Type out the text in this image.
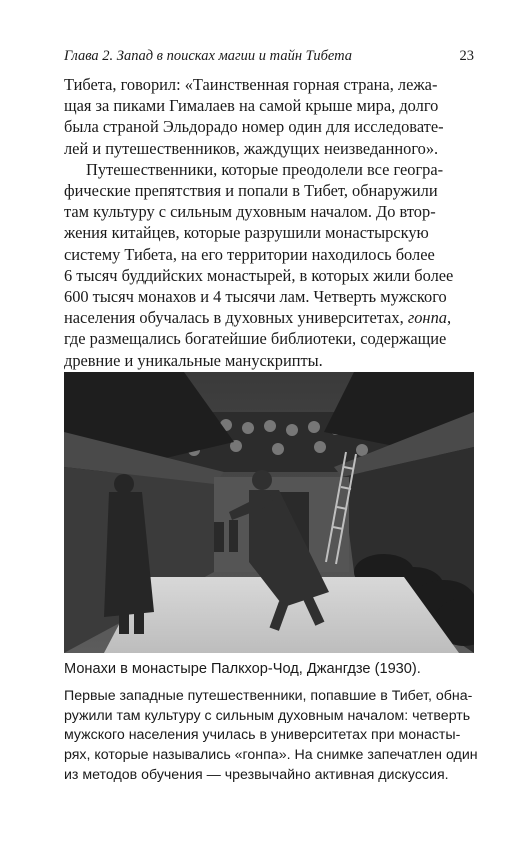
Глава 2. Запад в поисках магии и тайн Тибета	23
Тибета, говорил: «Таинственная горная страна, лежа-
щая за пиками Гималаев на самой крыше мира, долго
была страной Эльдорадо номер один для исследовате-
лей и путешественников, жаждущих неизведанного».
Путешественники, которые преодолели все геогра-
фические препятствия и попали в Тибет, обнаружили
там культуру с сильным духовным началом. До втор-
жения китайцев, которые разрушили монастырскую
систему Тибета, на его территории находилось более
6 тысяч буддийских монастырей, в которых жили более
600 тысяч монахов и 4 тысячи лам. Четверть мужского
населения обучалась в духовных университетах, гонпа,
где размещались богатейшие библиотеки, содержащие
древние и уникальные манускрипты.
Монахи в монастыре Палкхор-Чод, Джангдзе (1930).
Первые западные путешественники, попавшие в Тибет, обна-
ружили там культуру с сильным духовным началом: четверть
мужского населения училась в университетах при монасты-
рях, которые назывались «гонпа». На снимке запечатлен один
из методов обучения — чрезвычайно активная дискуссия.
